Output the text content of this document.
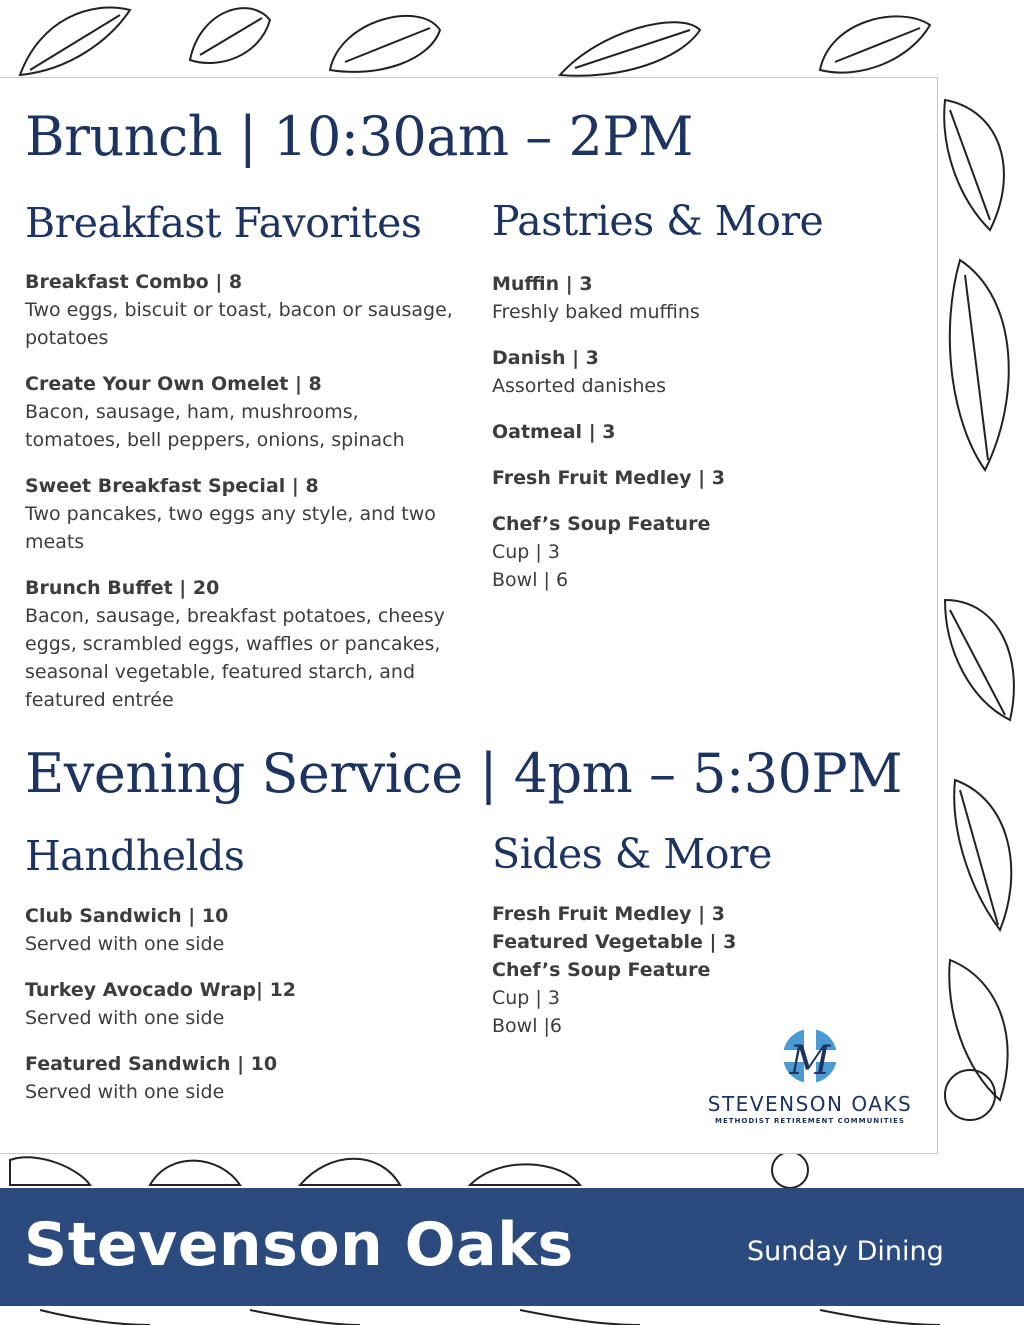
Brunch | 10:30am – 2PM
Breakfast Favorites Pastries & More
Breakfast Combo | 8
Two eggs, biscuit or toast, bacon or sausage,
potatoes
Create Your Own Omelet | 8
Bacon, sausage, ham, mushrooms,
tomatoes, bell peppers, onions, spinach
Sweet Breakfast Special | 8
Two pancakes, two eggs any style, and two
meats
Brunch Buffet | 20
Bacon, sausage, breakfast potatoes, cheesy
eggs, scrambled eggs, waffles or pancakes,
seasonal vegetable, featured starch, and
featured entrée
Muffin | 3
Freshly baked muffins
Danish | 3
Assorted danishes
Oatmeal | 3
Fresh Fruit Medley | 3
Chef’s Soup Feature
Cup | 3
Bowl | 6
Evening Service | 4pm – 5:30PM
Handhelds	Sides & More
Club Sandwich | 10
Served with one side
Turkey Avocado Wrap| 12
Served with one side
Featured Sandwich | 10
Served with one side
Fresh Fruit Medley | 3
Featured Vegetable | 3
Chef’s Soup Feature
Cup | 3
Bowl |6
M
STEVENSON OAKS
METHODIST RETIREMENT COMMUNITIES
Stevenson Oaks	Sunday Dining
